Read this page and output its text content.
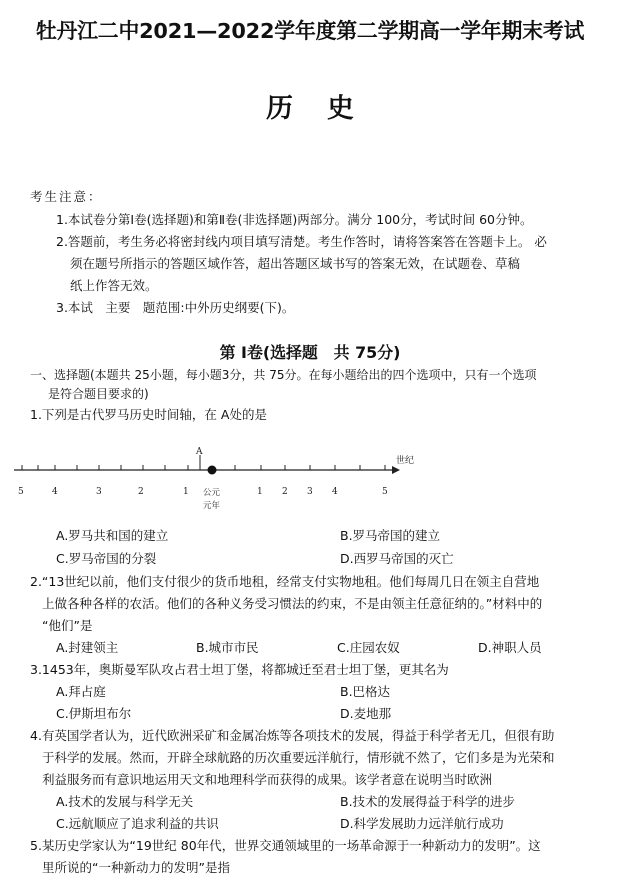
牡丹江二中2021—2022学年度第二学期高一学年期末考试
历史
考生注意：
1.本试卷分第Ⅰ卷(选择题)和第Ⅱ卷(非选择题)两部分。满分 100分，考试时间 60分钟。
2.答题前，考生务必将密封线内项目填写清楚。考生作答时，请将答案答在答题卡上。 必
须在题号所指示的答题区域作答，超出答题区域书写的答案无效，在试题卷、草稿
纸上作答无效。
3.本试　主要　题范围:中外历史纲要(下)。
第 Ⅰ卷(选择题　共 75分)
一、选择题(本题共 25小题，每小题3分，共 75分。在每小题给出的四个选项中，只有一个选项
是符合题目要求的)
1.下列是古代罗马历史时间轴，在 A处的是
A
世纪
5	4	3	2	1 公元
元年
1 2 3 4	5
A.罗马共和国的建立	B.罗马帝国的建立
C.罗马帝国的分裂	D.西罗马帝国的灭亡
2.“13世纪以前，他们支付很少的货币地租，经常支付实物地租。他们每周几日在领主自营地
上做各种各样的农活。他们的各种义务受习惯法的约束，不是由领主任意征纳的。”材料中的
“他们”是
A.封建领主	B.城市市民	C.庄园农奴	D.神职人员
3.1453年，奥斯曼军队攻占君士坦丁堡，将都城迁至君士坦丁堡，更其名为
A.拜占庭	B.巴格达
C.伊斯坦布尔	D.麦地那
4.有英国学者认为，近代欧洲采矿和金属冶炼等各项技术的发展，得益于科学者无几，但很有助
于科学的发展。然而，开辟全球航路的历次重要远洋航行，情形就不然了，它们多是为光荣和
利益服务而有意识地运用天文和地理科学而获得的成果。该学者意在说明当时欧洲
A.技术的发展与科学无关	B.技术的发展得益于科学的进步
C.远航顺应了追求利益的共识	D.科学发展助力远洋航行成功
5.某历史学家认为“19世纪 80年代，世界交通领域里的一场革命源于一种新动力的发明”。这
里所说的“一种新动力的发明”是指
